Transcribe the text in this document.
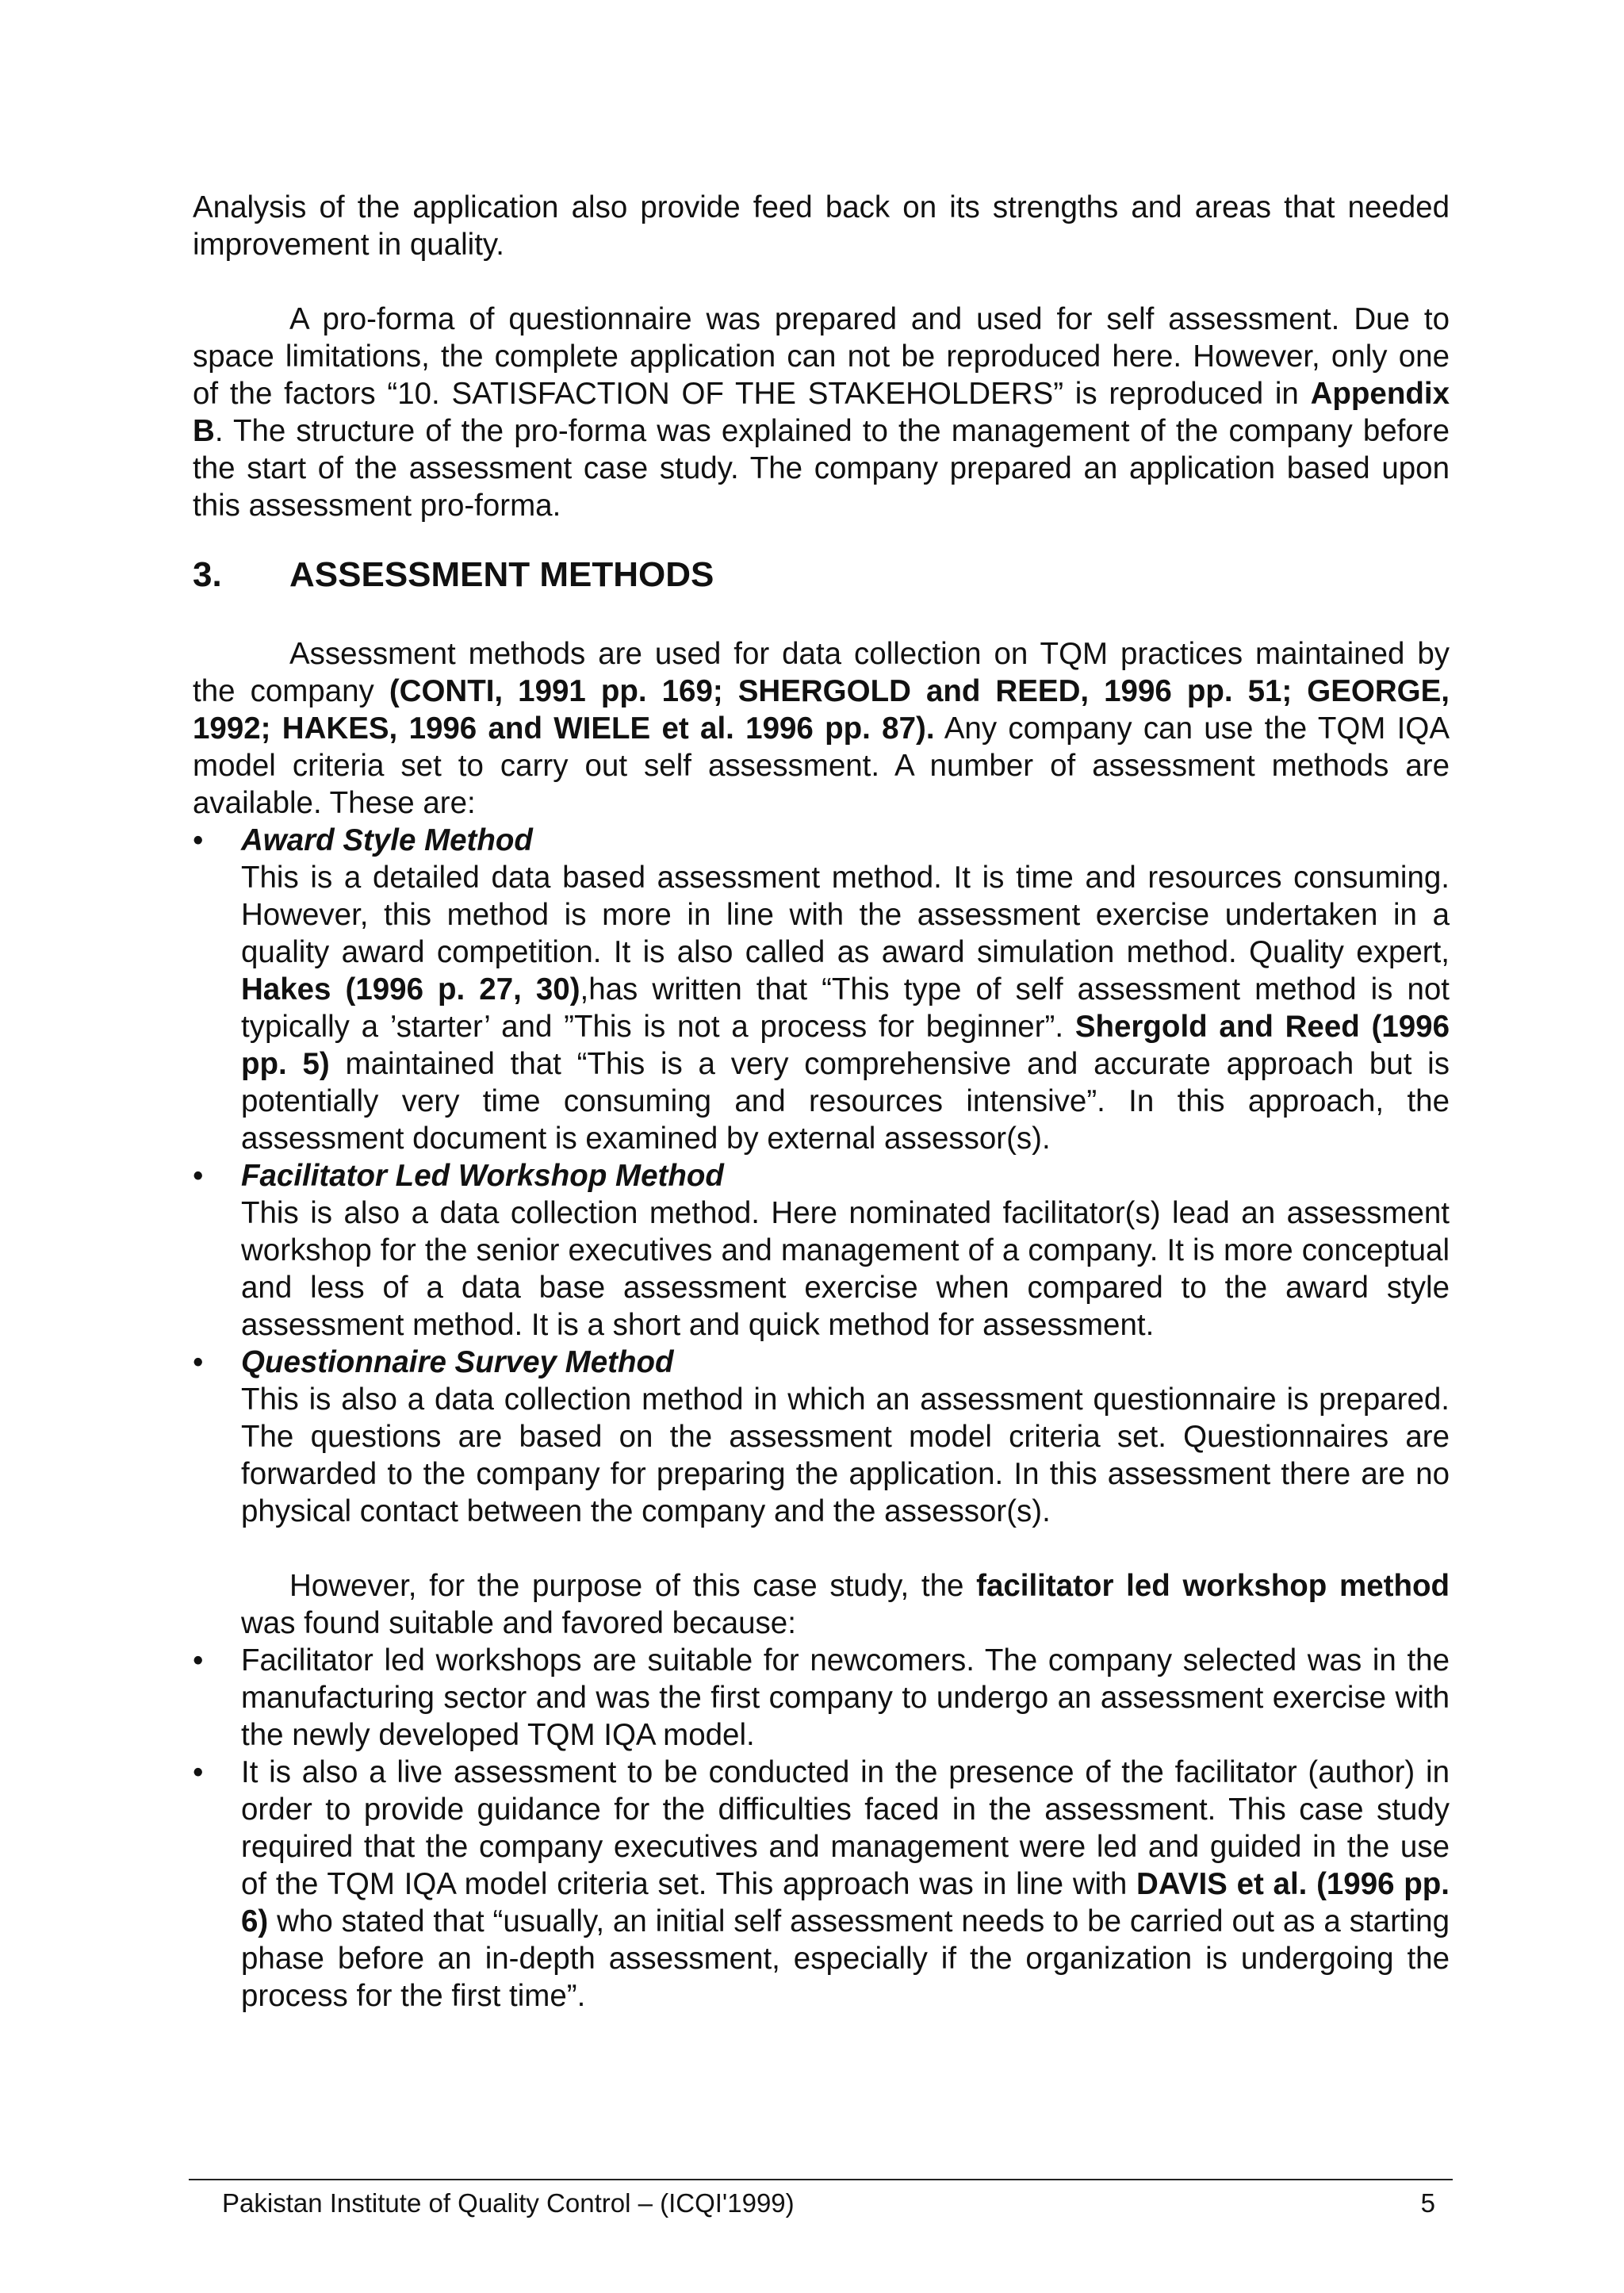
Analysis of the application also provide feed back on its strengths and areas that needed improvement in quality.

A pro-forma of questionnaire was prepared and used for self assessment. Due to space limitations, the complete application can not be reproduced here. However, only one of the factors “10. SATISFACTION OF THE STAKEHOLDERS” is reproduced in Appendix B. The structure of the pro-forma was explained to the management of the company before the start of the assessment case study. The company prepared an application based upon this assessment pro-forma.

3.	ASSESSMENT METHODS

Assessment methods are used for data collection on TQM practices maintained by the company (CONTI, 1991 pp. 169; SHERGOLD and REED, 1996 pp. 51; GEORGE, 1992; HAKES, 1996 and WIELE et al. 1996 pp. 87). Any company can use the TQM IQA model criteria set to carry out self assessment. A number of assessment methods are available. These are:

• Award Style Method

This is a detailed data based assessment method. It is time and resources consuming. However, this method is more in line with the assessment exercise undertaken in a quality award competition. It is also called as award simulation method. Quality expert, Hakes (1996 p. 27, 30),has written that “This type of self assessment method is not typically a ’starter’ and ”This is not a process for beginner”. Shergold and Reed (1996 pp. 5) maintained that “This is a very comprehensive and accurate approach but is potentially very time consuming and resources intensive”. In this approach, the assessment document is examined by external assessor(s).

• Facilitator Led Workshop Method

This is also a data collection method. Here nominated facilitator(s) lead an assessment workshop for the senior executives and management of a company. It is more conceptual and less of a data base assessment exercise when compared to the award style assessment method. It is a short and quick method for assessment.

• Questionnaire Survey Method

This is also a data collection method in which an assessment questionnaire is prepared. The questions are based on the assessment model criteria set. Questionnaires are forwarded to the company for preparing the application. In this assessment there are no physical contact between the company and the assessor(s).

However, for the purpose of this case study, the facilitator led workshop method was found suitable and favored because:

• Facilitator led workshops are suitable for newcomers. The company selected was in the manufacturing sector and was the first company to undergo an assessment exercise with the newly developed TQM IQA model.

• It is also a live assessment to be conducted in the presence of the facilitator (author) in order to provide guidance for the difficulties faced in the assessment. This case study required that the company executives and management were led and guided in the use of the TQM IQA model criteria set. This approach was in line with DAVIS et al. (1996 pp. 6) who stated that “usually, an initial self assessment needs to be carried out as a starting phase before an in-depth assessment, especially if the organization is undergoing the process for the first time”.

Pakistan Institute of Quality Control – (ICQI'1999)	5
